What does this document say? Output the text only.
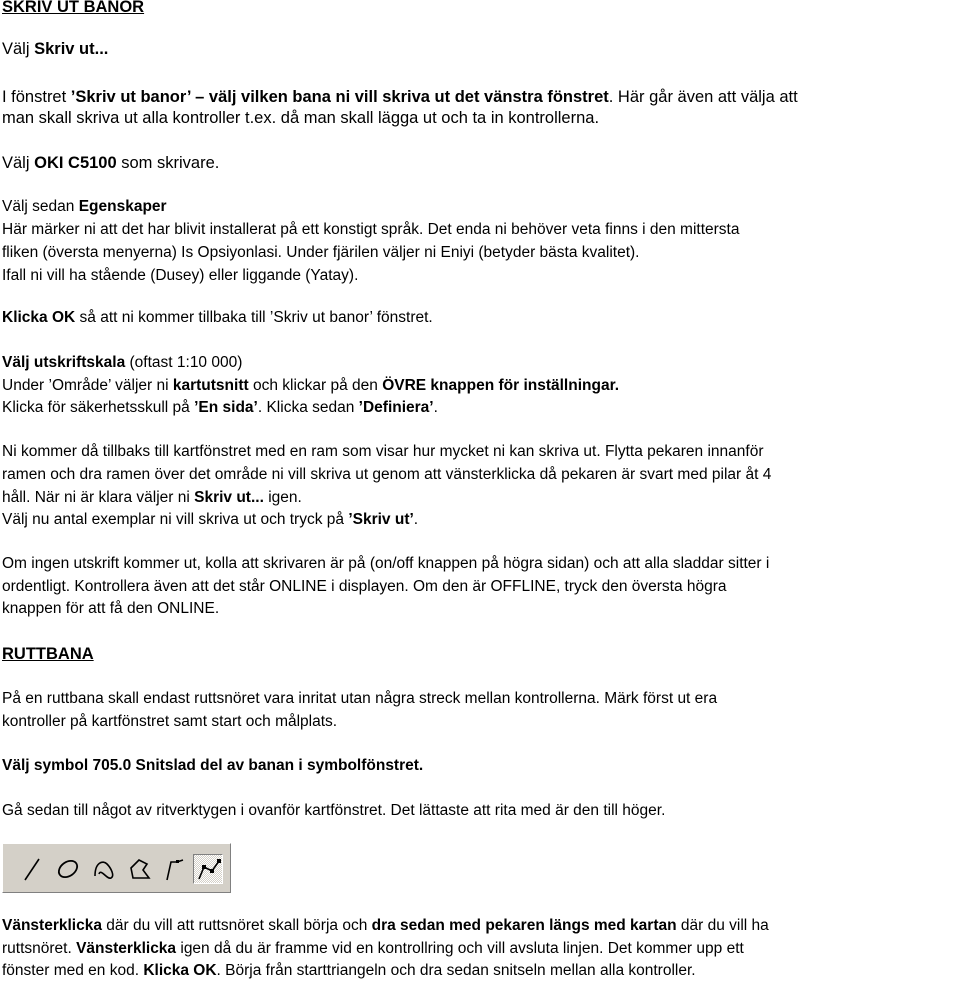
SKRIV UT BANOR
Välj Skriv ut...
I fönstret ’Skriv ut banor’ – välj vilken bana ni vill skriva ut det vänstra fönstret. Här går även att välja att
man skall skriva ut alla kontroller t.ex. då man skall lägga ut och ta in kontrollerna.
Välj OKI C5100 som skrivare.
Välj sedan Egenskaper
Här märker ni att det har blivit installerat på ett konstigt språk. Det enda ni behöver veta finns i den mittersta
fliken (översta menyerna) Is Opsiyonlasi. Under fjärilen väljer ni Eniyi (betyder bästa kvalitet).
Ifall ni vill ha stående (Dusey) eller liggande (Yatay).
Klicka OK så att ni kommer tillbaka till ’Skriv ut banor’ fönstret.
Välj utskriftskala (oftast 1:10 000)
Under ’Område’ väljer ni kartutsnitt och klickar på den ÖVRE knappen för inställningar.
Klicka för säkerhetsskull på ’En sida’. Klicka sedan ’Definiera’.
Ni kommer då tillbaks till kartfönstret med en ram som visar hur mycket ni kan skriva ut. Flytta pekaren innanför
ramen och dra ramen över det område ni vill skriva ut genom att vänsterklicka då pekaren är svart med pilar åt 4
håll. När ni är klara väljer ni Skriv ut... igen.
Välj nu antal exemplar ni vill skriva ut och tryck på ’Skriv ut’.
Om ingen utskrift kommer ut, kolla att skrivaren är på (on/off knappen på högra sidan) och att alla sladdar sitter i
ordentligt. Kontrollera även att det står ONLINE i displayen. Om den är OFFLINE, tryck den översta högra
knappen för att få den ONLINE.
RUTTBANA
På en ruttbana skall endast ruttsnöret vara inritat utan några streck mellan kontrollerna. Märk först ut era
kontroller på kartfönstret samt start och målplats.
Välj symbol 705.0 Snitslad del av banan i symbolfönstret.
Gå sedan till något av ritverktygen i ovanför kartfönstret. Det lättaste att rita med är den till höger.
Vänsterklicka där du vill att ruttsnöret skall börja och dra sedan med pekaren längs med kartan där du vill ha
ruttsnöret. Vänsterklicka igen då du är framme vid en kontrollring och vill avsluta linjen. Det kommer upp ett
fönster med en kod. Klicka OK. Börja från starttriangeln och dra sedan snitseln mellan alla kontroller.
